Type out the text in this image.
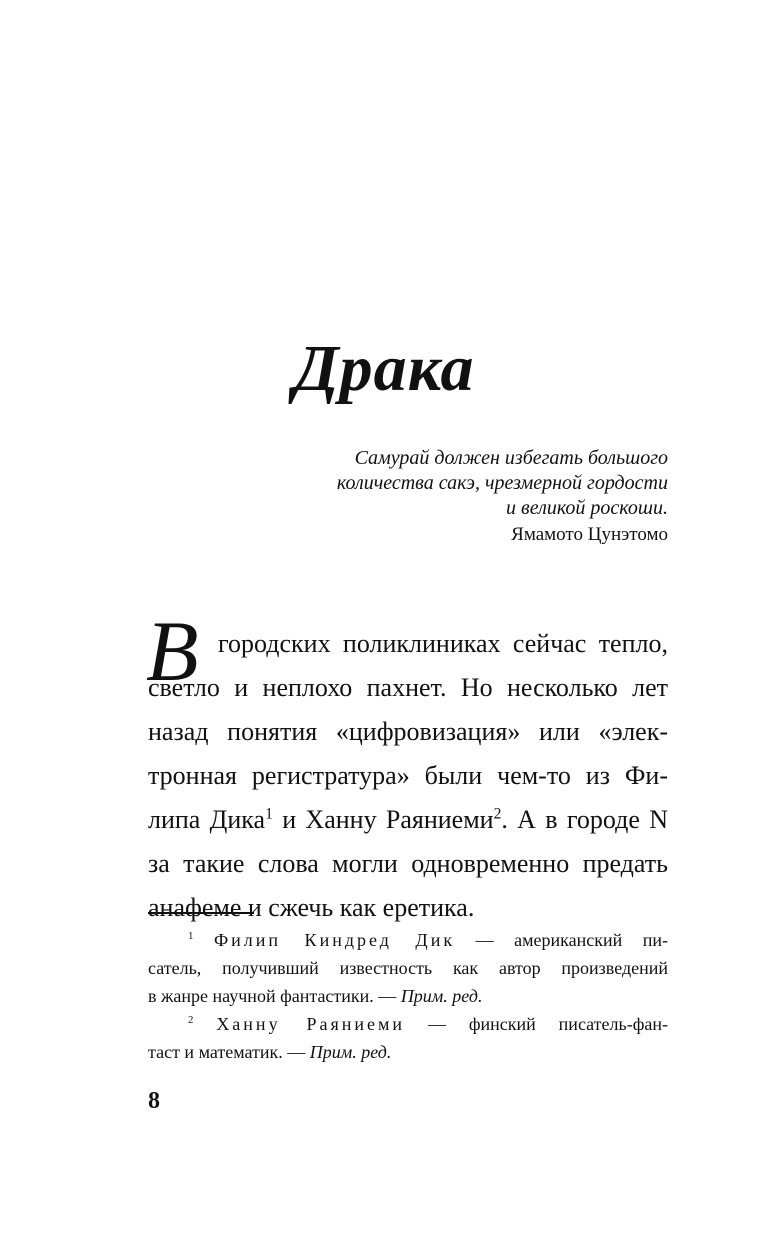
Драка
Самурай должен избегать большого
количества сакэ, чрезмерной гордости
и великой роскоши.
Ямамото Цунэтомо
В городских поликлиниках сейчас тепло,
светло и неплохо пахнет. Но несколько лет
назад понятия «цифровизация» или «элек-
тронная регистратура» были чем-то из Фи-
липа Дика$^1$ и Ханну Раяниеми$^2$. А в городе N
за такие слова могли одновременно предать
анафеме и сжечь как еретика.
$^1$ Филип Киндред Дик — американский пи-
сатель, получивший известность как автор произведений
в жанре научной фантастики. — Прим. ред.
$^2$ Ханну Раяниеми — финский писатель-фан-
таст и математик. — Прим. ред.
8
